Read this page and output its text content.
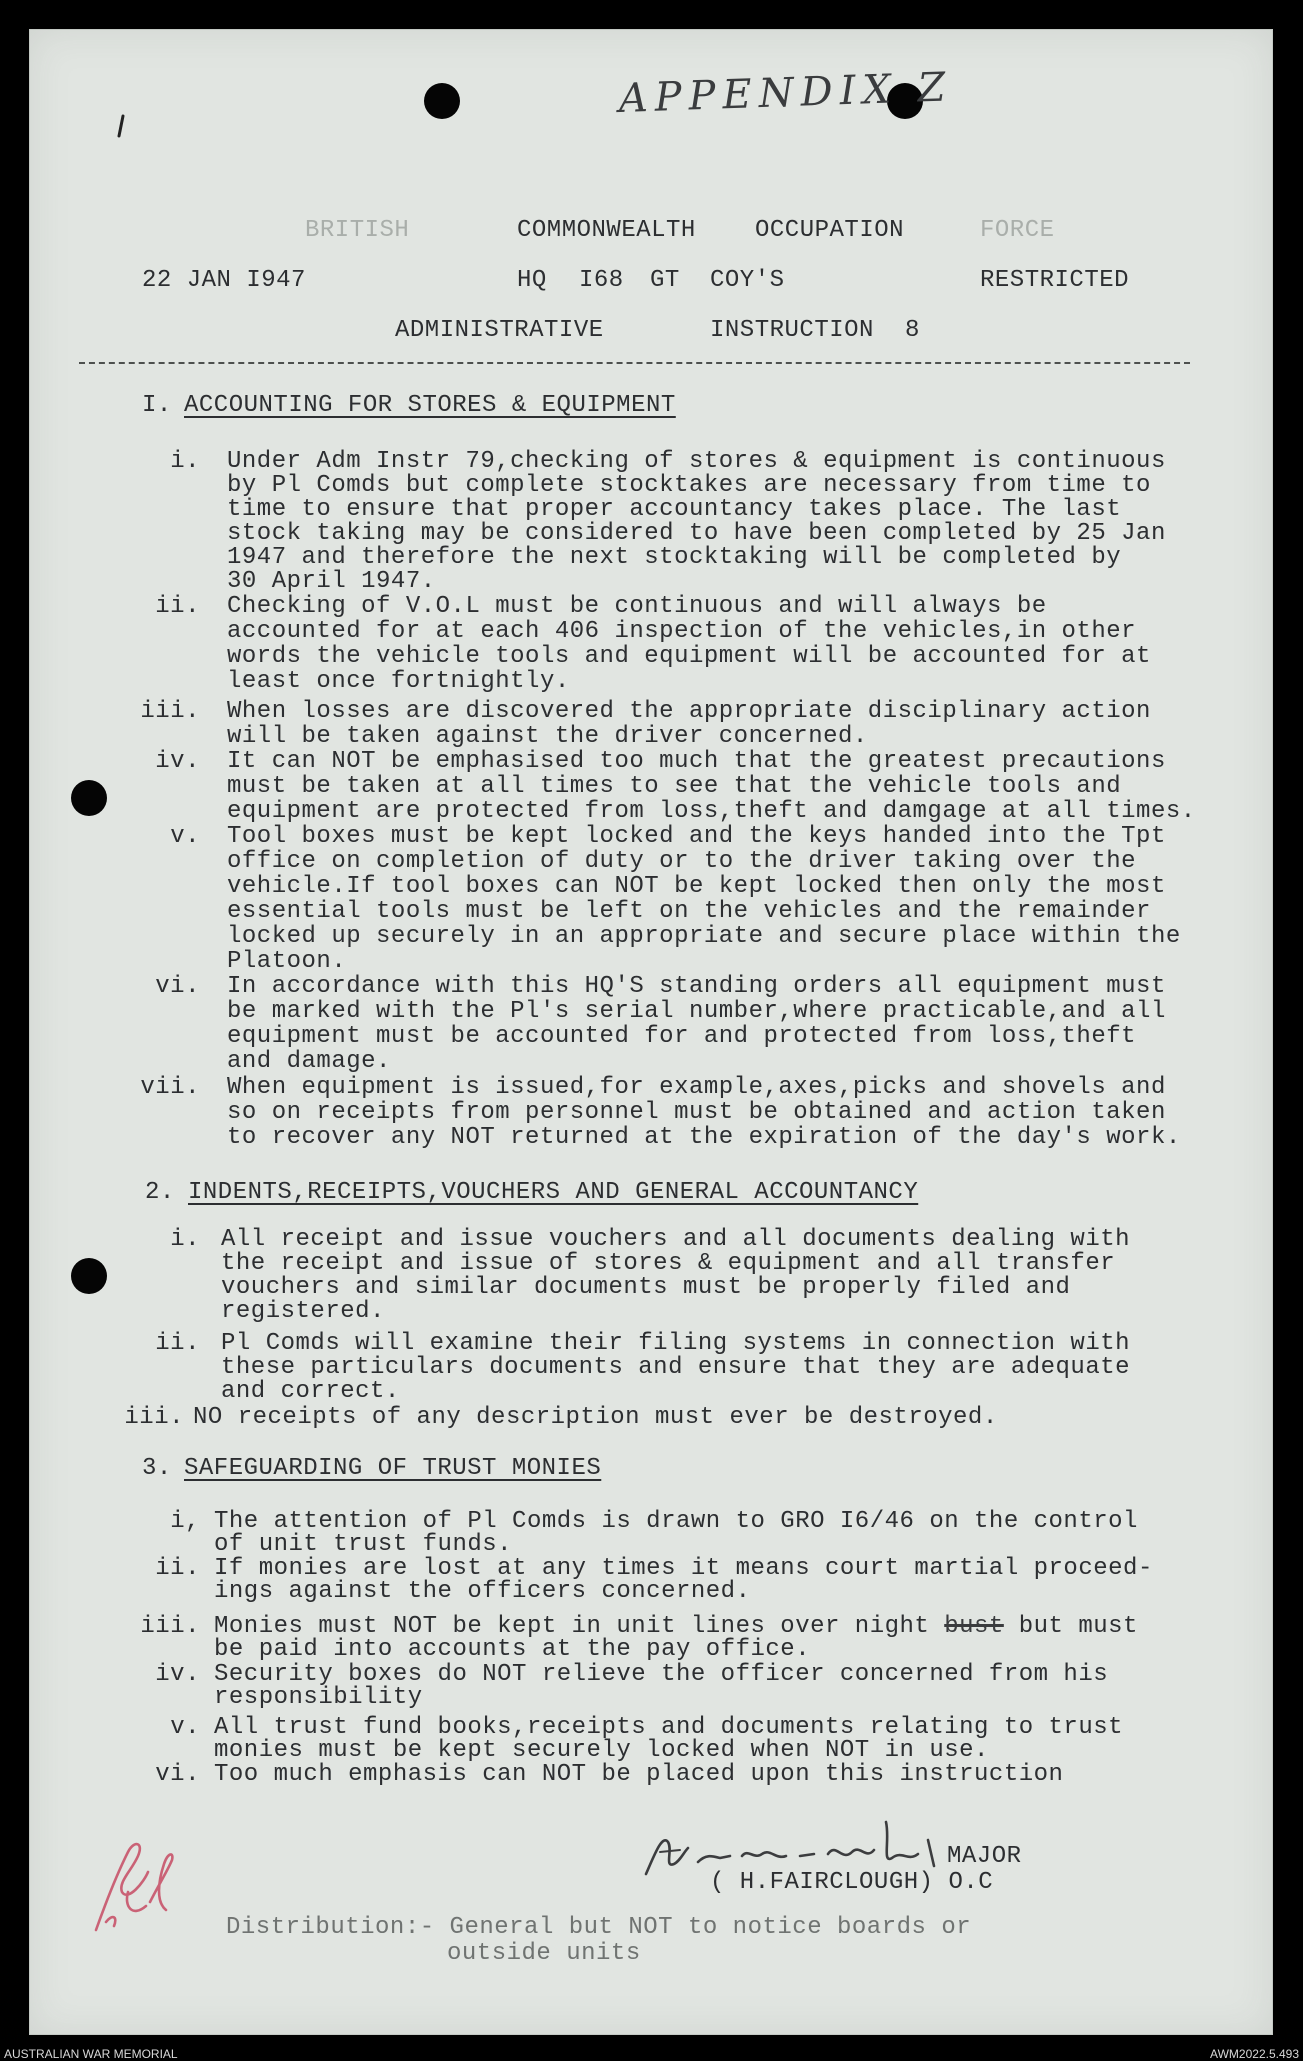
APPENDIX Z
BRITISH	COMMONWEALTH OCCUPATION	FORCE
22 JAN I947	HQ I68 GT COY'S	RESTRICTED
ADMINISTRATIVE	INSTRUCTION 8
I. ACCOUNTING FOR STORES & EQUIPMENT
i. Under Adm Instr 79,checking of stores & equipment is continuous
by Pl Comds but complete stocktakes are necessary from time to
time to ensure that proper accountancy takes place. The last
stock taking may be considered to have been completed by 25 Jan
1947 and therefore the next stocktaking will be completed by
30 April 1947.
ii. Checking of V.O.L must be continuous and will always be
accounted for at each 406 inspection of the vehicles,in other
words the vehicle tools and equipment will be accounted for at
least once fortnightly.
iii. When losses are discovered the appropriate disciplinary action
will be taken against the driver concerned.
iv. It can NOT be emphasised too much that the greatest precautions
must be taken at all times to see that the vehicle tools and
equipment are protected from loss,theft and damgage at all times.
v. Tool boxes must be kept locked and the keys handed into the Tpt
office on completion of duty or to the driver taking over the
vehicle.If tool boxes can NOT be kept locked then only the most
essential tools must be left on the vehicles and the remainder
locked up securely in an appropriate and secure place within the
Platoon.
vi. In accordance with this HQ'S standing orders all equipment must
be marked with the Pl's serial number,where practicable,and all
equipment must be accounted for and protected from loss,theft
and damage.
vii. When equipment is issued,for example,axes,picks and shovels and
so on receipts from personnel must be obtained and action taken
to recover any NOT returned at the expiration of the day's work.
2. INDENTS,RECEIPTS,VOUCHERS AND GENERAL ACCOUNTANCY
i. All receipt and issue vouchers and all documents dealing with
the receipt and issue of stores & equipment and all transfer
vouchers and similar documents must be properly filed and
registered.
ii. Pl Comds will examine their filing systems in connection with
these particulars documents and ensure that they are adequate
and correct.
iii. NO receipts of any description must ever be destroyed.
3. SAFEGUARDING OF TRUST MONIES
i, The attention of Pl Comds is drawn to GRO I6/46 on the control
of unit trust funds.
ii. If monies are lost at any times it means court martial proceed-
ings against the officers concerned.
iii. Monies must NOT be kept in unit lines over night bust but must
be paid into accounts at the pay office.
iv. Security boxes do NOT relieve the officer concerned from his
responsibility
v. All trust fund books,receipts and documents relating to trust
monies must be kept securely locked when NOT in use.
vi. Too much emphasis can NOT be placed upon this instruction
MAJOR
( H.FAIRCLOUGH) O.C
Distribution:- General but NOT to notice boards or
outside units
AUSTRALIAN WAR MEMORIAL	AWM2022.5.493
